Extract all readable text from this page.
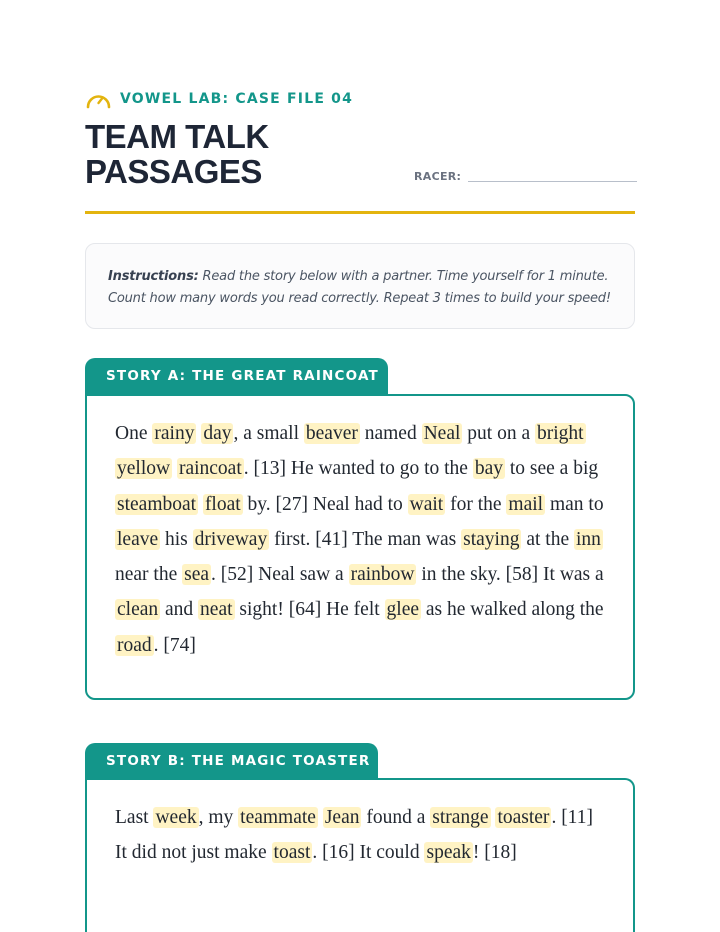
VOWEL LAB: CASE FILE 04
TEAM TALK
PASSAGES	RACER:
Instructions: Read the story below with a partner. Time yourself for 1 minute. Count how many words you read correctly. Repeat 3 times to build your speed!
STORY A: THE GREAT RAINCOAT
One rainy day , a small beaver named Neal put on a bright yellow raincoat . [13] He wanted to go to the bay to see a big steamboat float by. [27] Neal had to wait for the mail man to leave his driveway first. [41] The man was staying at the inn near the sea . [52] Neal saw a rainbow in the sky. [58] It was a clean and neat sight! [64] He felt glee as he walked along the road . [74]
STORY B: THE MAGIC TOASTER
Last week , my teammate Jean found a strange toaster . [11] It did not just make toast . [16] It could speak ! [18]
